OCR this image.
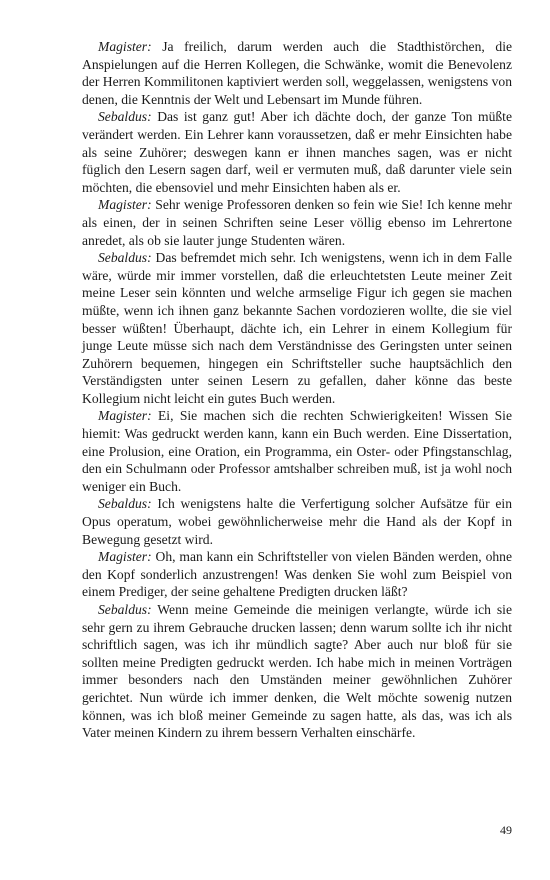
Magister: Ja freilich, darum werden auch die Stadthistörchen, die Anspielungen auf die Herren Kollegen, die Schwänke, womit die Benevolenz der Herren Kommilitonen kaptiviert werden soll, weggelassen, wenigstens von denen, die Kenntnis der Welt und Lebensart im Munde führen.

Sebaldus: Das ist ganz gut! Aber ich dächte doch, der ganze Ton müßte verändert werden. Ein Lehrer kann voraussetzen, daß er mehr Einsichten habe als seine Zuhörer; deswegen kann er ihnen manches sagen, was er nicht füglich den Lesern sagen darf, weil er vermuten muß, daß darunter viele sein möchten, die ebensoviel und mehr Einsichten haben als er.

Magister: Sehr wenige Professoren denken so fein wie Sie! Ich kenne mehr als einen, der in seinen Schriften seine Leser völlig ebenso im Lehrertone anredet, als ob sie lauter junge Studenten wären.

Sebaldus: Das befremdet mich sehr. Ich wenigstens, wenn ich in dem Falle wäre, würde mir immer vorstellen, daß die erleuchtetsten Leute meiner Zeit meine Leser sein könnten und welche armselige Figur ich gegen sie machen müßte, wenn ich ihnen ganz bekannte Sachen vordozieren wollte, die sie viel besser wüßten! Überhaupt, dächte ich, ein Lehrer in einem Kollegium für junge Leute müsse sich nach dem Verständnisse des Geringsten unter seinen Zuhörern bequemen, hingegen ein Schriftsteller suche hauptsächlich den Verständigsten unter seinen Lesern zu gefallen, daher könne das beste Kollegium nicht leicht ein gutes Buch werden.

Magister: Ei, Sie machen sich die rechten Schwierigkeiten! Wissen Sie hiemit: Was gedruckt werden kann, kann ein Buch werden. Eine Dissertation, eine Prolusion, eine Oration, ein Programma, ein Oster- oder Pfingstanschlag, den ein Schulmann oder Professor amtshalber schreiben muß, ist ja wohl noch weniger ein Buch.

Sebaldus: Ich wenigstens halte die Verfertigung solcher Aufsätze für ein Opus operatum, wobei gewöhnlicherweise mehr die Hand als der Kopf in Bewegung gesetzt wird.

Magister: Oh, man kann ein Schriftsteller von vielen Bänden werden, ohne den Kopf sonderlich anzustrengen! Was denken Sie wohl zum Beispiel von einem Prediger, der seine gehaltene Predigten drucken läßt?

Sebaldus: Wenn meine Gemeinde die meinigen verlangte, würde ich sie sehr gern zu ihrem Gebrauche drucken lassen; denn warum sollte ich ihr nicht schriftlich sagen, was ich ihr mündlich sagte? Aber auch nur bloß für sie sollten meine Predigten gedruckt werden. Ich habe mich in meinen Vorträgen immer besonders nach den Umständen meiner gewöhnlichen Zuhörer gerichtet. Nun würde ich immer denken, die Welt möchte sowenig nutzen können, was ich bloß meiner Gemeinde zu sagen hatte, als das, was ich als Vater meinen Kindern zu ihrem bessern Verhalten einschärfe.

49
